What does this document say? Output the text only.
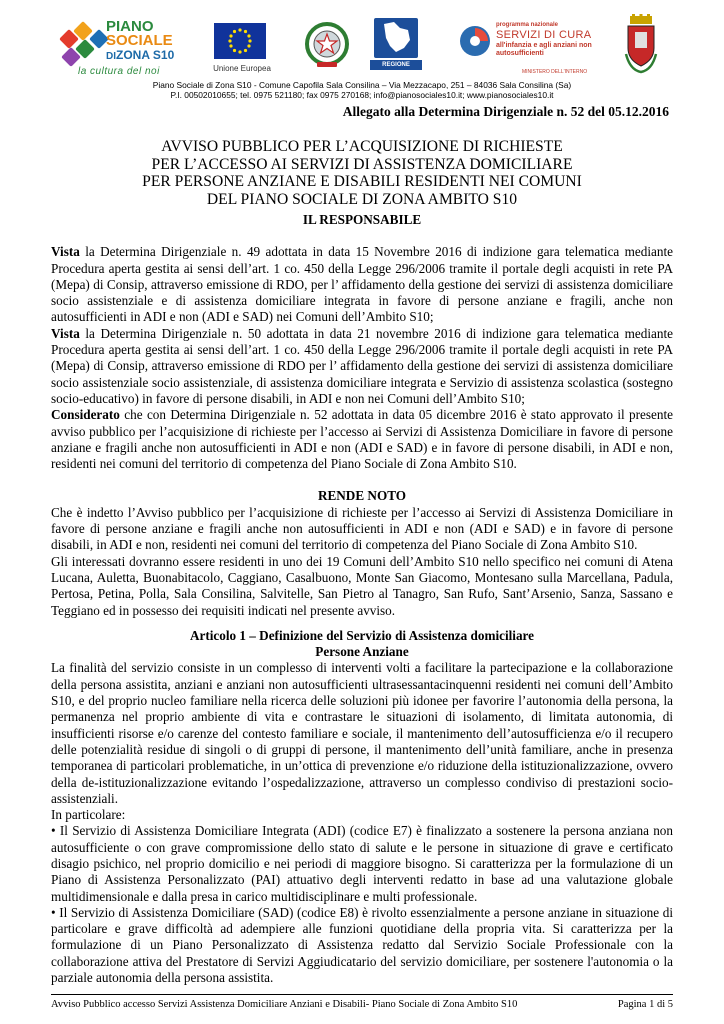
PIANO
SOCIALE
DIZONA S10
la cultura del noi	Unione Europea	REGIONE CAMPANIA
programma nazionale
SERVIZI DI CURA
all'infanzia e agli anziani non autosufficienti
MINISTERO DELL'INTERNO
Piano Sociale di Zona S10 - Comune Capofila Sala Consilina – Via Mezzacapo, 251 – 84036 Sala Consilina (Sa)
P.I. 00502010655; tel. 0975 521180; fax 0975 270168; info@pianosociales10.it; www.pianosociales10.it
Allegato alla Determina Dirigenziale n. 52 del 05.12.2016
AVVISO PUBBLICO PER L’ACQUISIZIONE DI RICHIESTE
PER L’ACCESSO AI SERVIZI DI ASSISTENZA DOMICILIARE
PER PERSONE ANZIANE E DISABILI RESIDENTI NEI COMUNI
DEL PIANO SOCIALE DI ZONA AMBITO S10

IL RESPONSABILE

Vista la Determina Dirigenziale n. 49 adottata in data 15 Novembre 2016 di indizione gara telematica mediante Procedura aperta gestita ai sensi dell’art. 1 co. 450 della Legge 296/2006 tramite il portale degli acquisti in rete PA (Mepa) di Consip, attraverso emissione di RDO, per l’ affidamento della gestione dei servizi di assistenza domiciliare socio assistenziale e di assistenza domiciliare integrata in favore di persone anziane e fragili, anche non autosufficienti in ADI e non (ADI e SAD) nei Comuni dell’Ambito S10;

Vista la Determina Dirigenziale n. 50 adottata in data 21 novembre 2016 di indizione gara telematica mediante Procedura aperta gestita ai sensi dell’art. 1 co. 450 della Legge 296/2006 tramite il portale degli acquisti in rete PA (Mepa) di Consip, attraverso emissione di RDO per l’ affidamento della gestione dei servizi di assistenza domiciliare socio assistenziale socio assistenziale, di assistenza domiciliare integrata e Servizio di assistenza scolastica (sostegno socio-educativo) in favore di persone disabili, in ADI e non nei Comuni dell’Ambito S10;

Considerato che con Determina Dirigenziale n. 52 adottata in data 05 dicembre 2016 è stato approvato il presente avviso pubblico per l’acquisizione di richieste per l’accesso ai Servizi di Assistenza Domiciliare in favore di persone anziane e fragili anche non autosufficienti in ADI e non (ADI e SAD) e in favore di persone disabili, in ADI e non, residenti nei comuni del territorio di competenza del Piano Sociale di Zona Ambito S10.

RENDE NOTO

Che è indetto l’Avviso pubblico per l’acquisizione di richieste per l’accesso ai Servizi di Assistenza Domiciliare in favore di persone anziane e fragili anche non autosufficienti in ADI e non (ADI e SAD) e in favore di persone disabili, in ADI e non, residenti nei comuni del territorio di competenza del Piano Sociale di Zona Ambito S10.

Gli interessati dovranno essere residenti in uno dei 19 Comuni dell’Ambito S10 nello specifico nei comuni di Atena Lucana, Auletta, Buonabitacolo, Caggiano, Casalbuono, Monte San Giacomo, Montesano sulla Marcellana, Padula, Pertosa, Petina, Polla, Sala Consilina, Salvitelle, San Pietro al Tanagro, San Rufo, Sant’Arsenio, Sanza, Sassano e Teggiano ed in possesso dei requisiti indicati nel presente avviso.

Articolo 1 – Definizione del Servizio di Assistenza domiciliare

Persone Anziane

La finalità del servizio consiste in un complesso di interventi volti a facilitare la partecipazione e la collaborazione della persona assistita, anziani e anziani non autosufficienti ultrasessantacinquenni residenti nei comuni dell’Ambito S10, e del proprio nucleo familiare nella ricerca delle soluzioni più idonee per favorire l’autonomia della persona, la permanenza nel proprio ambiente di vita e contrastare le situazioni di isolamento, di limitata autonomia, di insufficienti risorse e/o carenze del contesto familiare e sociale, il mantenimento dell’autosufficienza e/o il recupero delle potenzialità residue di singoli o di gruppi di persone, il mantenimento dell’unità familiare, anche in presenza temporanea di particolari problematiche, in un’ottica di prevenzione e/o riduzione della istituzionalizzazione, ovvero della de-istituzionalizzazione evitando l’ospedalizzazione, attraverso un complesso condiviso di prestazioni socio- assistenziali.

In particolare:

• Il Servizio di Assistenza Domiciliare Integrata (ADI) (codice E7) è finalizzato a sostenere la persona anziana non autosufficiente o con grave compromissione dello stato di salute e le persone in situazione di grave e certificato disagio psichico, nel proprio domicilio e nei periodi di maggiore bisogno. Si caratterizza per la formulazione di un Piano di Assistenza Personalizzato (PAI) attuativo degli interventi redatto in base ad una valutazione globale multidimensionale e dalla presa in carico multidisciplinare e multi professionale.

• Il Servizio di Assistenza Domiciliare (SAD) (codice E8) è rivolto essenzialmente a persone anziane in situazione di particolare e grave difficoltà ad adempiere alle funzioni quotidiane della propria vita. Si caratterizza per la formulazione di un Piano Personalizzato di Assistenza redatto dal Servizio Sociale Professionale con la collaborazione attiva del Prestatore di Servizi Aggiudicatario del servizio domiciliare, per sostenere l'autonomia o la parziale autonomia della persona assistita.

Avviso Pubblico accesso Servizi Assistenza Domiciliare Anziani e Disabili- Piano Sociale di Zona Ambito S10	Pagina 1 di 5
